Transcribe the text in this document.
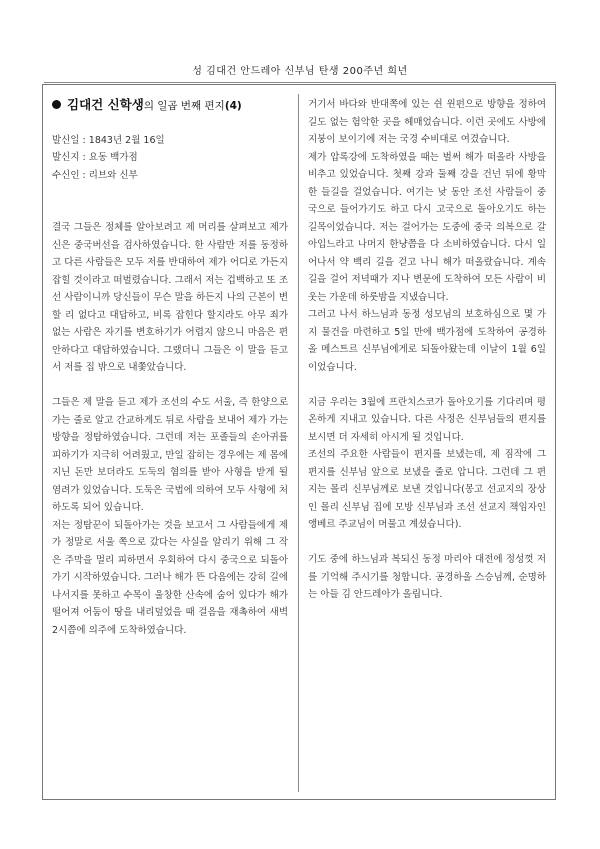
성 김대건 안드레아 신부님 탄생 200주년 희년
김대건 신학생의 일곱 번째 편지(4)
발신일 : 1843년 2월 16일
발신지 : 요동 백가점
수신인 : 리브와 신부

결국 그들은 정체를 알아보려고 제 머리를 살펴보고 제가 신은 중국버선을 검사하였습니다. 한 사람만 저를 동정하고 다른 사람들은 모두 저를 반대하여 제가 어디로 가든지 잡힐 것이라고 떠벌렸습니다. 그래서 저는 겁백하고 또 조선 사람이니까 당신들이 무슨 말을 하든지 나의 근본이 변할 리 없다고 대답하고, 비록 잡힌다 할지라도 아무 죄가 없는 사람은 자기를 변호하기가 어렵지 않으니 마음은 편안하다고 대답하였습니다. 그랬더니 그들은 이 말을 듣고서 저를 집 밖으로 내쫓았습니다.

그들은 제 말을 듣고 제가 조선의 수도 서울, 즉 한양으로 가는 줄로 알고 간교하게도 뒤로 사람을 보내어 제가 가는 방향을 정탐하였습니다. 그런데 저는 포졸들의 손아귀를 피하기가 지극히 어려웠고, 만일 잡히는 경우에는 제 몸에 지닌 돈만 보더라도 도둑의 혐의를 받아 사형을 받게 될 염려가 있었습니다. 도둑은 국법에 의하여 모두 사형에 처하도록 되어 있습니다.

저는 정탐꾼이 되돌아가는 것을 보고서 그 사람들에게 제가 정말로 서울 쪽으로 갔다는 사실을 알리기 위해 그 작은 주막을 멀리 피하면서 우회하여 다시 중국으로 되돌아가기 시작하였습니다. 그러나 해가 뜬 다음에는 강히 길에 나서지를 못하고 수목이 울창한 산속에 숨어 있다가 해가 떨어져 어둠이 땅을 내리덮었을 때 걸음을 재촉하여 새벽 2시쯤에 의주에 도착하였습니다.

거기서 바다와 반대쪽에 있는 쉰 윈펀으로 방향을 정하여 길도 없는 험악한 곳을 헤매었습니다. 이런 곳에도 사방에 지붕이 보이기에 저는 국경 수비대로 여겼습니다.

제가 압록강에 도착하였을 때는 벌써 해가 떠올라 사방을 비추고 있었습니다. 첫째 강과 둘째 강을 건넌 뒤에 황막한 들길을 걸었습니다. 여기는 낮 동안 조선 사람들이 중국으로 들어가기도 하고 다시 고국으로 돌아오기도 하는 길목이었습니다. 저는 걸어가는 도중에 중국 의복으로 갈아입느라고 나머지 한냥쯤을 다 소비하였습니다. 다시 일어나서 약 백리 길을 걷고 나니 해가 떠올랐습니다. 계속 길을 걸어 저녁때가 지나 변문에 도착하여 모든 사람이 비웃는 가운데 하룻밤을 지냈습니다.

그러고 나서 하느님과 동정 성모님의 보호하심으로 몇 가지 물건을 마련하고 5일 만에 백가점에 도착하여 공경하올 메스트르 신부님에게로 되돌아왔는데 이날이 1월 6일이었습니다.

지금 우리는 3월에 프란치스코가 돌아오기를 기다리며 평온하게 지내고 있습니다. 다른 사정은 신부님들의 편지를 보시면 더 자세히 아시게 될 것입니다.

조선의 주요한 사람들이 편지를 보냈는데, 제 짐작에 그 편지를 신부님 앞으로 보냈을 줄로 압니다. 그런데 그 편지는 몰리 신부님께로 보낸 것입니다(몽고 선교지의 장상인 몰리 신부님 집에 모방 신부님과 조선 선교지 책임자인 앵베르 주교님이 머물고 계셨습니다).

기도 중에 하느님과 복되신 동정 마리아 대전에 정성껏 저를 기억해 주시기를 청합니다. 공경하올 스승님께, 순명하는 아들 김 안드레아가 올립니다.
